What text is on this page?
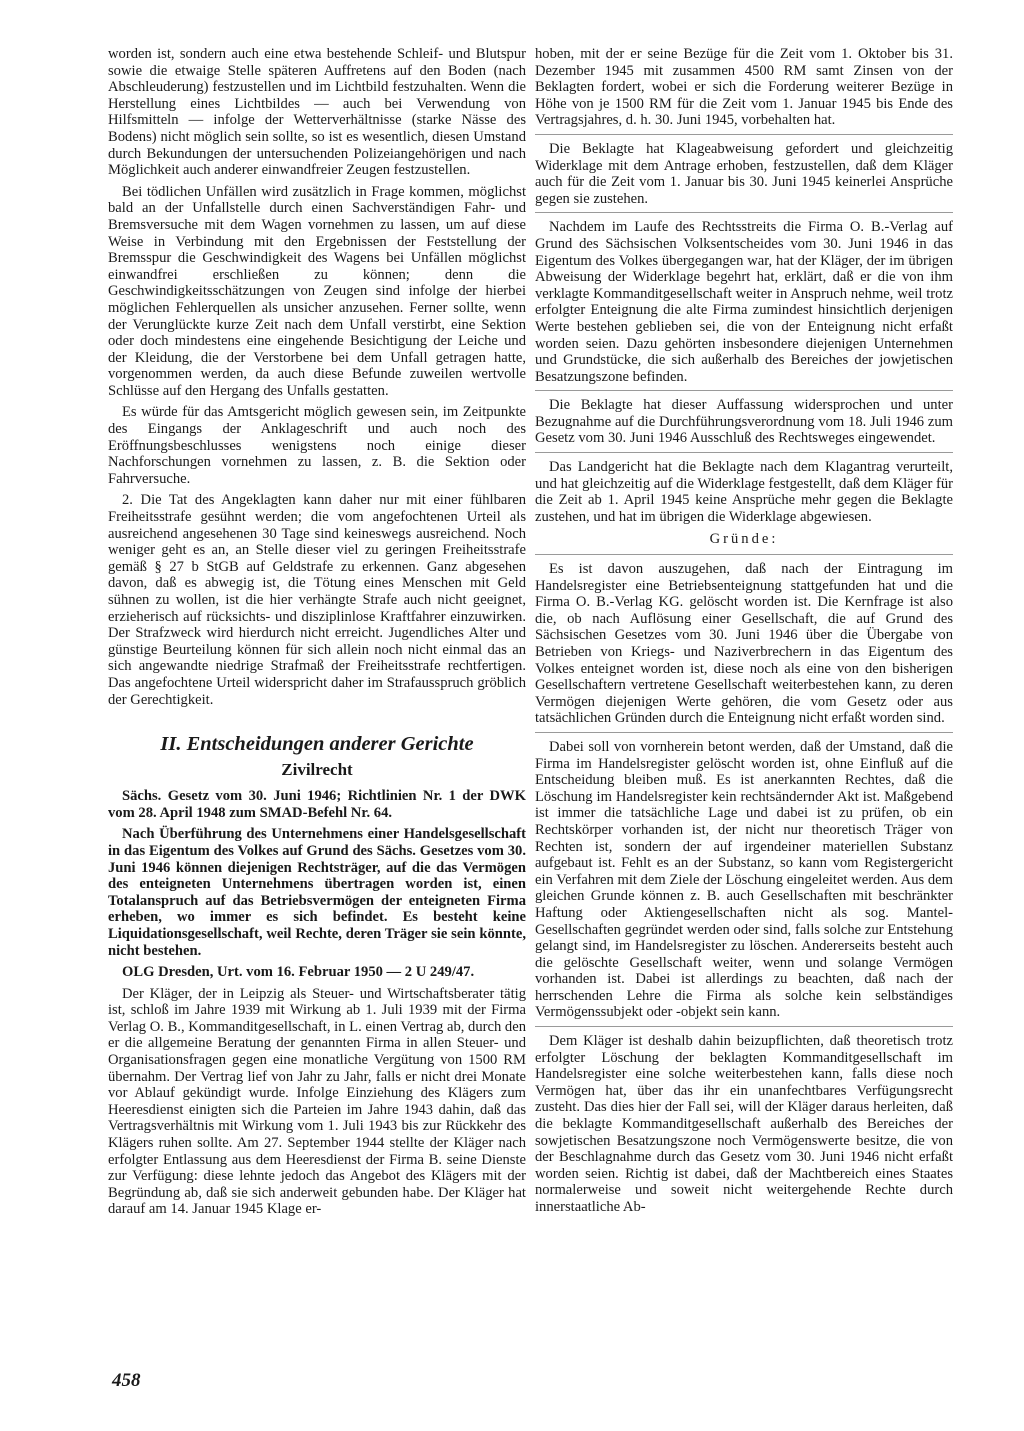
worden ist, sondern auch eine etwa bestehende Schleif- und Blutspur sowie die etwaige Stelle späteren Auffretens auf den Boden (nach Abschleuderung) festzustellen und im Lichtbild festzuhalten. Wenn die Herstellung eines Lichtbildes — auch bei Verwendung von Hilfsmitteln — infolge der Wetterverhältnisse (starke Nässe des Bodens) nicht möglich sein sollte, so ist es wesentlich, diesen Umstand durch Bekundungen der untersuchenden Polizeiangehörigen und nach Möglichkeit auch anderer einwandfreier Zeugen festzustellen.

Bei tödlichen Unfällen wird zusätzlich in Frage kommen, möglichst bald an der Unfallstelle durch einen Sachverständigen Fahr- und Bremsversuche mit dem Wagen vornehmen zu lassen, um auf diese Weise in Verbindung mit den Ergebnissen der Feststellung der Bremsspur die Geschwindigkeit des Wagens bei Unfällen möglichst einwandfrei erschließen zu können; denn die Geschwindigkeitsschätzungen von Zeugen sind infolge der hierbei möglichen Fehlerquellen als unsicher anzusehen. Ferner sollte, wenn der Verunglückte kurze Zeit nach dem Unfall verstirbt, eine Sektion oder doch mindestens eine eingehende Besichtigung der Leiche und der Kleidung, die der Verstorbene bei dem Unfall getragen hatte, vorgenommen werden, da auch diese Befunde zuweilen wertvolle Schlüsse auf den Hergang des Unfalls gestatten.

Es würde für das Amtsgericht möglich gewesen sein, im Zeitpunkte des Eingangs der Anklageschrift und auch noch des Eröffnungsbeschlusses wenigstens noch einige dieser Nachforschungen vornehmen zu lassen, z. B. die Sektion oder Fahrversuche.

2. Die Tat des Angeklagten kann daher nur mit einer fühlbaren Freiheitsstrafe gesühnt werden; die vom angefochtenen Urteil als ausreichend angesehenen 30 Tage sind keineswegs ausreichend. Noch weniger geht es an, an Stelle dieser viel zu geringen Freiheitsstrafe gemäß § 27 b StGB auf Geldstrafe zu erkennen. Ganz abgesehen davon, daß es abwegig ist, die Tötung eines Menschen mit Geld sühnen zu wollen, ist die hier verhängte Strafe auch nicht geeignet, erzieherisch auf rücksichts- und disziplinlose Kraftfahrer einzuwirken. Der Strafzweck wird hierdurch nicht erreicht. Jugendliches Alter und günstige Beurteilung können für sich allein noch nicht einmal das an sich angewandte niedrige Strafmaß der Freiheitsstrafe rechtfertigen. Das angefochtene Urteil widerspricht daher im Strafausspruch gröblich der Gerechtigkeit.

II. Entscheidungen anderer Gerichte
Zivilrecht

Sächs. Gesetz vom 30. Juni 1946; Richtlinien Nr. 1 der DWK vom 28. April 1948 zum SMAD-Befehl Nr. 64.

Nach Überführung des Unternehmens einer Handelsgesellschaft in das Eigentum des Volkes auf Grund des Sächs. Gesetzes vom 30. Juni 1946 können diejenigen Rechtsträger, auf die das Vermögen des enteigneten Unternehmens übertragen worden ist, einen Totalanspruch auf das Betriebsvermögen der enteigneten Firma erheben, wo immer es sich befindet. Es besteht keine Liquidationsgesellschaft, weil Rechte, deren Träger sie sein könnte, nicht bestehen.

OLG Dresden, Urt. vom 16. Februar 1950 — 2 U 249/47.

Der Kläger, der in Leipzig als Steuer- und Wirtschaftsberater tätig ist, schloß im Jahre 1939 mit Wirkung ab 1. Juli 1939 mit der Firma Verlag O. B., Kommanditgesellschaft, in L. einen Vertrag ab, durch den er die allgemeine Beratung der genannten Firma in allen Steuer- und Organisationsfragen gegen eine monatliche Vergütung von 1500 RM übernahm. Der Vertrag lief von Jahr zu Jahr, falls er nicht drei Monate vor Ablauf gekündigt wurde. Infolge Einziehung des Klägers zum Heeresdienst einigten sich die Parteien im Jahre 1943 dahin, daß das Vertragsverhältnis mit Wirkung vom 1. Juli 1943 bis zur Rückkehr des Klägers ruhen sollte. Am 27. September 1944 stellte der Kläger nach erfolgter Entlassung aus dem Heeresdienst der Firma B. seine Dienste zur Verfügung: diese lehnte jedoch das Angebot des Klägers mit der Begründung ab, daß sie sich anderweit gebunden habe. Der Kläger hat darauf am 14. Januar 1945 Klage er-

hoben, mit der er seine Bezüge für die Zeit vom 1. Oktober bis 31. Dezember 1945 mit zusammen 4500 RM samt Zinsen von der Beklagten fordert, wobei er sich die Forderung weiterer Bezüge in Höhe von je 1500 RM für die Zeit vom 1. Januar 1945 bis Ende des Vertragsjahres, d. h. 30. Juni 1945, vorbehalten hat.

Die Beklagte hat Klageabweisung gefordert und gleichzeitig Widerklage mit dem Antrage erhoben, festzustellen, daß dem Kläger auch für die Zeit vom 1. Januar bis 30. Juni 1945 keinerlei Ansprüche gegen sie zustehen.

Nachdem im Laufe des Rechtsstreits die Firma O. B.-Verlag auf Grund des Sächsischen Volksentscheides vom 30. Juni 1946 in das Eigentum des Volkes übergegangen war, hat der Kläger, der im übrigen Abweisung der Widerklage begehrt hat, erklärt, daß er die von ihm verklagte Kommanditgesellschaft weiter in Anspruch nehme, weil trotz erfolgter Enteignung die alte Firma zumindest hinsichtlich derjenigen Werte bestehen geblieben sei, die von der Enteignung nicht erfaßt worden seien. Dazu gehörten insbesondere diejenigen Unternehmen und Grundstücke, die sich außerhalb des Bereiches der jowjetischen Besatzungszone befinden.

Die Beklagte hat dieser Auffassung widersprochen und unter Bezugnahme auf die Durchführungsverordnung vom 18. Juli 1946 zum Gesetz vom 30. Juni 1946 Ausschluß des Rechtsweges eingewendet.

Das Landgericht hat die Beklagte nach dem Klagantrag verurteilt, und hat gleichzeitig auf die Widerklage festgestellt, daß dem Kläger für die Zeit ab 1. April 1945 keine Ansprüche mehr gegen die Beklagte zustehen, und hat im übrigen die Widerklage abgewiesen.

Gründe:

Es ist davon auszugehen, daß nach der Eintragung im Handelsregister eine Betriebsenteignung stattgefunden hat und die Firma O. B.-Verlag KG. gelöscht worden ist. Die Kernfrage ist also die, ob nach Auflösung einer Gesellschaft, die auf Grund des Sächsischen Gesetzes vom 30. Juni 1946 über die Übergabe von Betrieben von Kriegs- und Naziverbrechern in das Eigentum des Volkes enteignet worden ist, diese noch als eine von den bisherigen Gesellschaftern vertretene Gesellschaft weiterbestehen kann, zu deren Vermögen diejenigen Werte gehören, die vom Gesetz oder aus tatsächlichen Gründen durch die Enteignung nicht erfaßt worden sind.

Dabei soll von vornherein betont werden, daß der Umstand, daß die Firma im Handelsregister gelöscht worden ist, ohne Einfluß auf die Entscheidung bleiben muß. Es ist anerkannten Rechtes, daß die Löschung im Handelsregister kein rechtsändernder Akt ist. Maßgebend ist immer die tatsächliche Lage und dabei ist zu prüfen, ob ein Rechtskörper vorhanden ist, der nicht nur theoretisch Träger von Rechten ist, sondern der auf irgendeiner materiellen Substanz aufgebaut ist. Fehlt es an der Substanz, so kann vom Registergericht ein Verfahren mit dem Ziele der Löschung eingeleitet werden. Aus dem gleichen Grunde können z. B. auch Gesellschaften mit beschränkter Haftung oder Aktiengesellschaften nicht als sog. Mantel-Gesellschaften gegründet werden oder sind, falls solche zur Entstehung gelangt sind, im Handelsregister zu löschen. Andererseits besteht auch die gelöschte Gesellschaft weiter, wenn und solange Vermögen vorhanden ist. Dabei ist allerdings zu beachten, daß nach der herrschenden Lehre die Firma als solche kein selbständiges Vermögenssubjekt oder -objekt sein kann.

Dem Kläger ist deshalb dahin beizupflichten, daß theoretisch trotz erfolgter Löschung der beklagten Kommanditgesellschaft im Handelsregister eine solche weiterbestehen kann, falls diese noch Vermögen hat, über das ihr ein unanfechtbares Verfügungsrecht zusteht. Das dies hier der Fall sei, will der Kläger daraus herleiten, daß die beklagte Kommanditgesellschaft außerhalb des Bereiches der sowjetischen Besatzungszone noch Vermögenswerte besitze, die von der Beschlagnahme durch das Gesetz vom 30. Juni 1946 nicht erfaßt worden seien. Richtig ist dabei, daß der Machtbereich eines Staates normalerweise und soweit nicht weitergehende Rechte durch innerstaatliche Ab-

458
